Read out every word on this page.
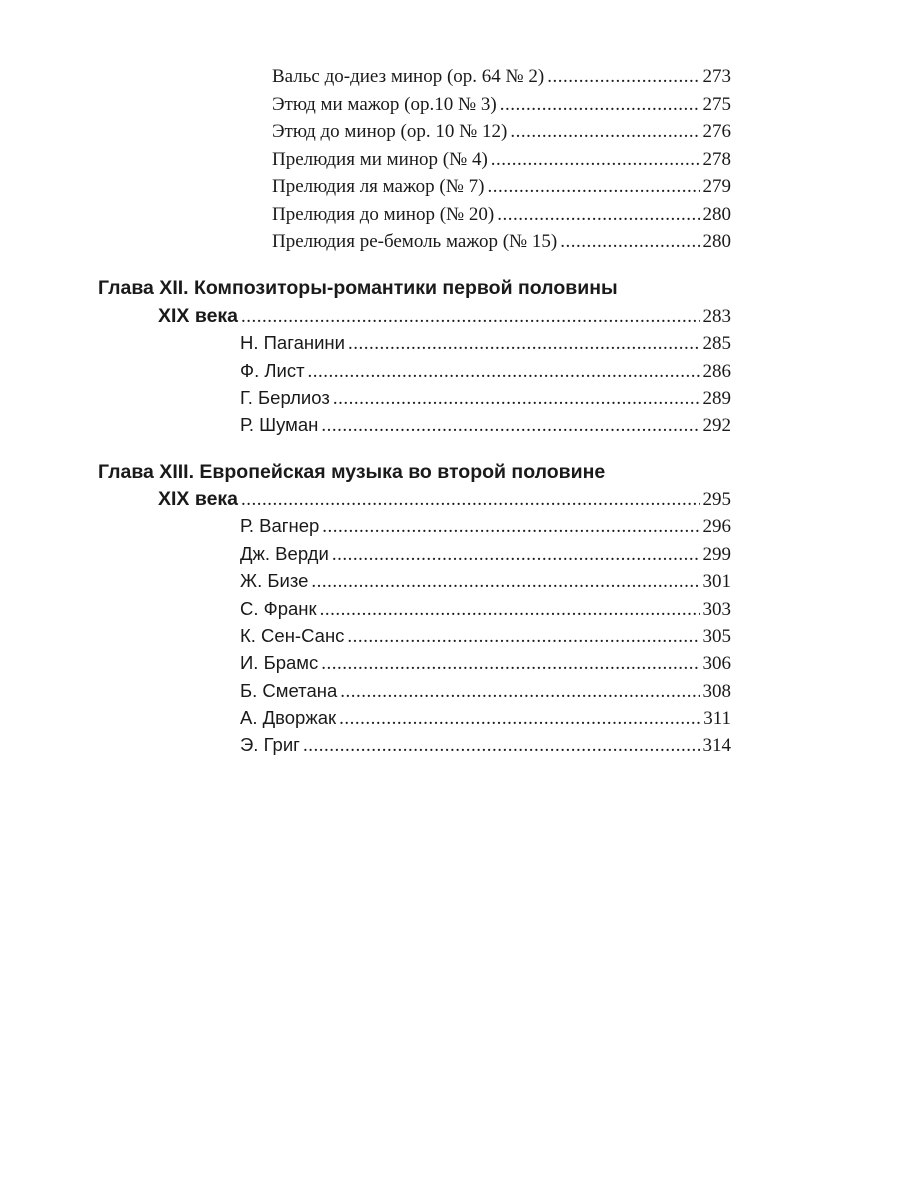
Вальс до-диез минор (ор. 64 № 2) .....	273
Этюд ми мажор (ор.10 № 3) .....	275
Этюд до минор (ор. 10 № 12) .....	276
Прелюдия ми минор (№ 4) .....	278
Прелюдия ля мажор (№ 7) .....	279
Прелюдия до минор (№ 20) .....	280
Прелюдия ре-бемоль мажор (№ 15) .....	280
Глава XII. Композиторы-романтики первой половины
XIX века .....	283
Н. Паганини .....	285
Ф. Лист .....	286
Г. Берлиоз .....	289
Р. Шуман .....	292
Глава XIII. Европейская музыка во второй половине
XIX века .....	295
Р. Вагнер .....	296
Дж. Верди .....	299
Ж. Бизе .....	301
С. Франк .....	303
К. Сен-Санс .....	305
И. Брамс .....	306
Б. Сметана .....	308
А. Дворжак .....	311
Э. Григ .....	314
